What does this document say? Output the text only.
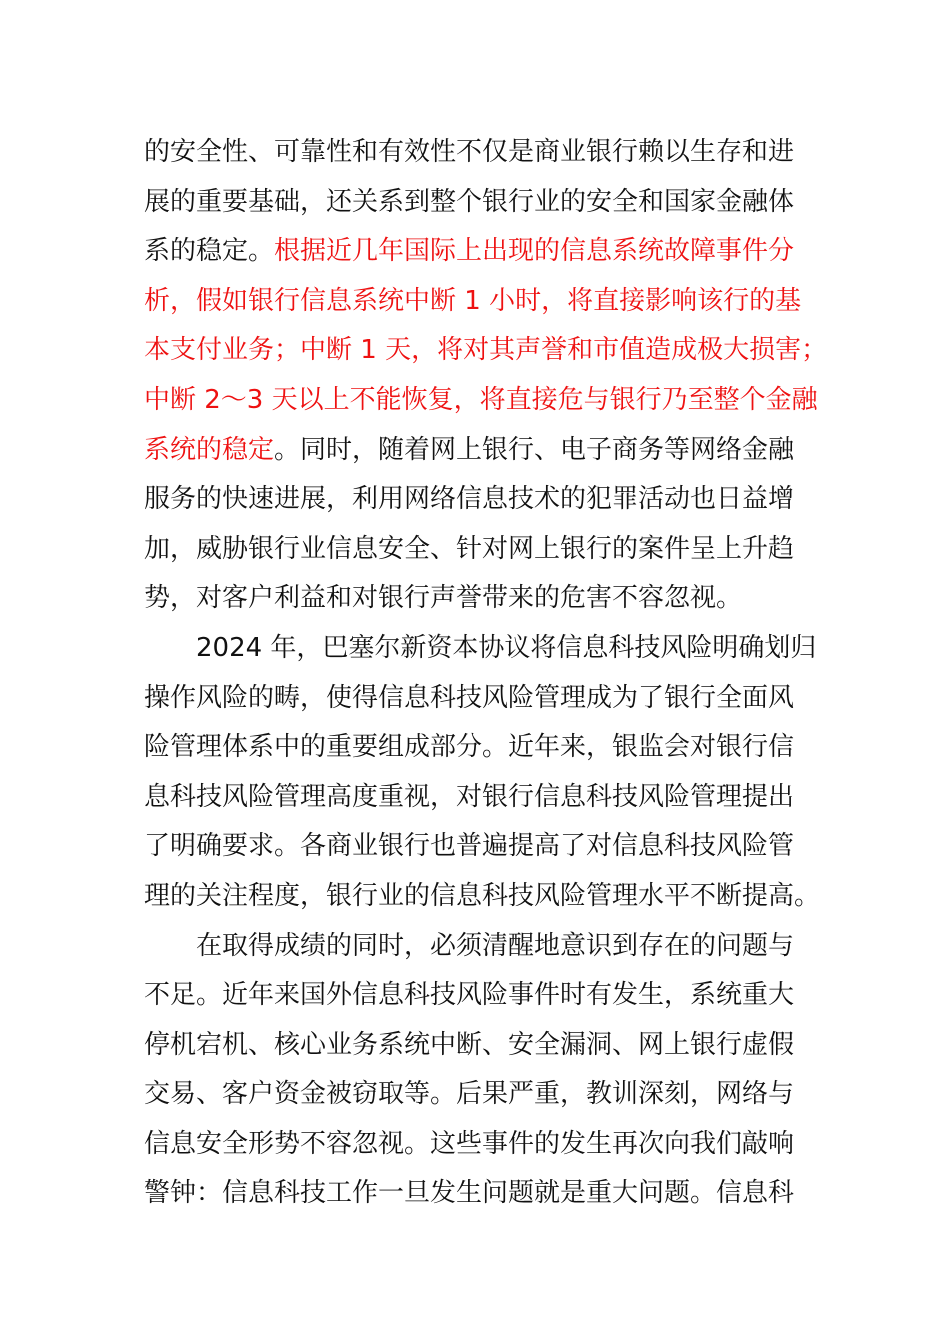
的安全性、可靠性和有效性不仅是商业银行赖以生存和进
展的重要基础，还关系到整个银行业的安全和国家金融体
系的稳定。根据近几年国际上出现的信息系统故障事件分
析，假如银行信息系统中断 1 小时，将直接影响该行的基
本支付业务；中断 1 天，将对其声誉和市值造成极大损害；
中断 2～3 天以上不能恢复，将直接危与银行乃至整个金融
系统的稳定。同时，随着网上银行、电子商务等网络金融
服务的快速进展，利用网络信息技术的犯罪活动也日益增
加，威胁银行业信息安全、针对网上银行的案件呈上升趋
势，对客户利益和对银行声誉带来的危害不容忽视。
2024 年，巴塞尔新资本协议将信息科技风险明确划归
操作风险的畴，使得信息科技风险管理成为了银行全面风
险管理体系中的重要组成部分。近年来，银监会对银行信
息科技风险管理高度重视，对银行信息科技风险管理提出
了明确要求。各商业银行也普遍提高了对信息科技风险管
理的关注程度，银行业的信息科技风险管理水平不断提高。
在取得成绩的同时，必须清醒地意识到存在的问题与
不足。近年来国外信息科技风险事件时有发生，系统重大
停机宕机、核心业务系统中断、安全漏洞、网上银行虚假
交易、客户资金被窃取等。后果严重，教训深刻，网络与
信息安全形势不容忽视。这些事件的发生再次向我们敲响
警钟：信息科技工作一旦发生问题就是重大问题。信息科
